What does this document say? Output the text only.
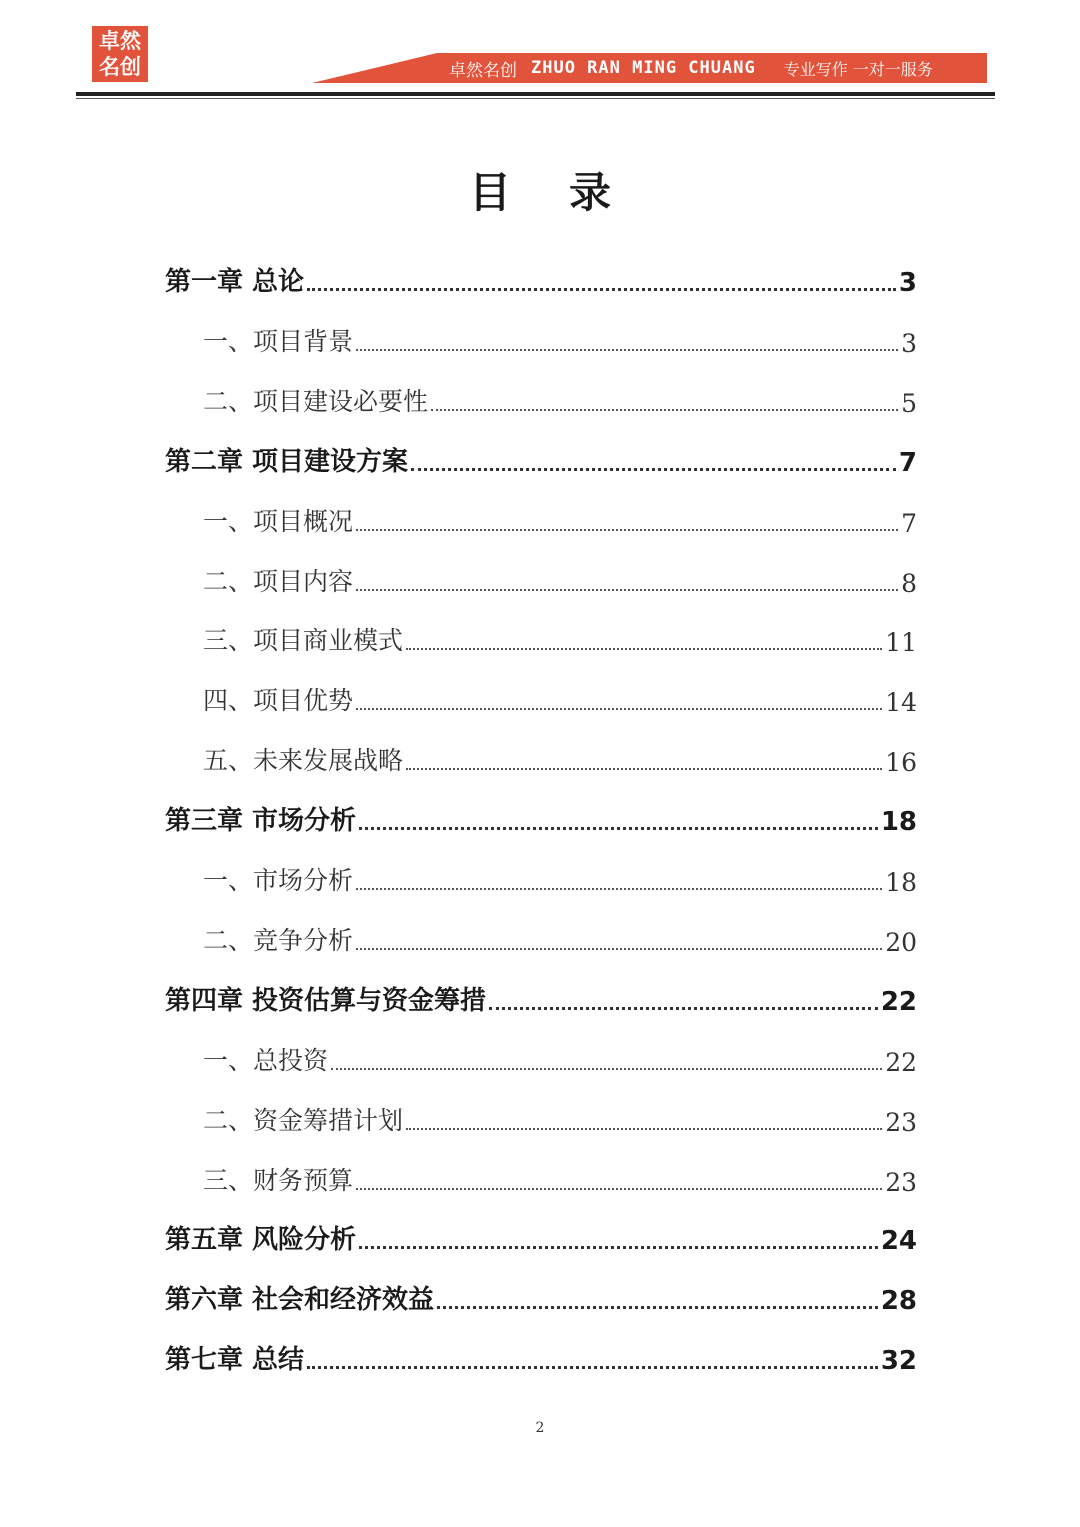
卓然
名创	卓然名创 ZHUO RAN MING CHUANG	专业写作 一对一服务
目录
第一章 总论	3
一、项目背景	3
二、项目建设必要性	5
第二章 项目建设方案	7
一、项目概况	7
二、项目内容	8
三、项目商业模式	11
四、项目优势	14
五、未来发展战略	16
第三章 市场分析	18
一、市场分析	18
二、竞争分析	20
第四章 投资估算与资金筹措	22
一、总投资	22
二、资金筹措计划	23
三、财务预算	23
第五章 风险分析	24
第六章 社会和经济效益	28
第七章 总结	32
2
